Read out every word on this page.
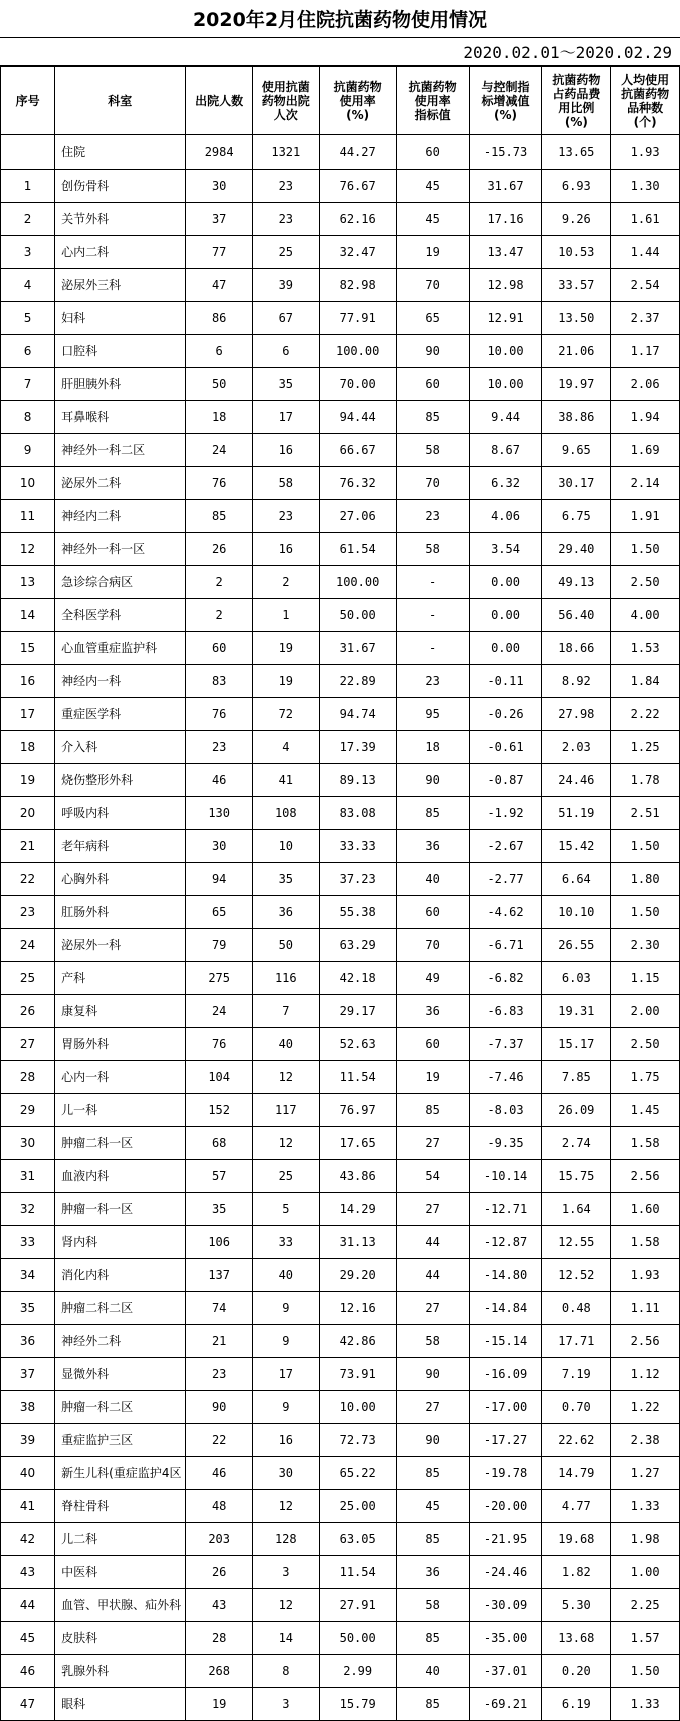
2020年2月住院抗菌药物使用情况
2020.02.01～2020.02.29
序号	科室	出院人数	使用抗菌
药物出院
人次	抗菌药物
使用率
(%)	抗菌药物
使用率
指标值	与控制指
标增减值
(%)	抗菌药物
占药品费
用比例
(%)	人均使用
抗菌药物
品种数
(个)

	住院	2984	1321	44.27	60	-15.73	13.65	1.93
1	创伤骨科	30	23	76.67	45	31.67	6.93	1.30
2	关节外科	37	23	62.16	45	17.16	9.26	1.61
3	心内二科	77	25	32.47	19	13.47	10.53	1.44
4	泌尿外三科	47	39	82.98	70	12.98	33.57	2.54
5	妇科	86	67	77.91	65	12.91	13.50	2.37
6	口腔科	6	6	100.00	90	10.00	21.06	1.17
7	肝胆胰外科	50	35	70.00	60	10.00	19.97	2.06
8	耳鼻喉科	18	17	94.44	85	9.44	38.86	1.94
9	神经外一科二区	24	16	66.67	58	8.67	9.65	1.69
10	泌尿外二科	76	58	76.32	70	6.32	30.17	2.14
11	神经内二科	85	23	27.06	23	4.06	6.75	1.91
12	神经外一科一区	26	16	61.54	58	3.54	29.40	1.50
13	急诊综合病区	2	2	100.00	-	0.00	49.13	2.50
14	全科医学科	2	1	50.00	-	0.00	56.40	4.00
15	心血管重症监护科	60	19	31.67	-	0.00	18.66	1.53
16	神经内一科	83	19	22.89	23	-0.11	8.92	1.84
17	重症医学科	76	72	94.74	95	-0.26	27.98	2.22
18	介入科	23	4	17.39	18	-0.61	2.03	1.25
19	烧伤整形外科	46	41	89.13	90	-0.87	24.46	1.78
20	呼吸内科	130	108	83.08	85	-1.92	51.19	2.51
21	老年病科	30	10	33.33	36	-2.67	15.42	1.50
22	心胸外科	94	35	37.23	40	-2.77	6.64	1.80
23	肛肠外科	65	36	55.38	60	-4.62	10.10	1.50
24	泌尿外一科	79	50	63.29	70	-6.71	26.55	2.30
25	产科	275	116	42.18	49	-6.82	6.03	1.15
26	康复科	24	7	29.17	36	-6.83	19.31	2.00
27	胃肠外科	76	40	52.63	60	-7.37	15.17	2.50
28	心内一科	104	12	11.54	19	-7.46	7.85	1.75
29	儿一科	152	117	76.97	85	-8.03	26.09	1.45
30	肿瘤二科一区	68	12	17.65	27	-9.35	2.74	1.58
31	血液内科	57	25	43.86	54	-10.14	15.75	2.56
32	肿瘤一科一区	35	5	14.29	27	-12.71	1.64	1.60
33	肾内科	106	33	31.13	44	-12.87	12.55	1.58
34	消化内科	137	40	29.20	44	-14.80	12.52	1.93
35	肿瘤二科二区	74	9	12.16	27	-14.84	0.48	1.11
36	神经外二科	21	9	42.86	58	-15.14	17.71	2.56
37	显微外科	23	17	73.91	90	-16.09	7.19	1.12
38	肿瘤一科二区	90	9	10.00	27	-17.00	0.70	1.22
39	重症监护三区	22	16	72.73	90	-17.27	22.62	2.38
40	新生儿科(重症监护4区	46	30	65.22	85	-19.78	14.79	1.27
41	脊柱骨科	48	12	25.00	45	-20.00	4.77	1.33
42	儿二科	203	128	63.05	85	-21.95	19.68	1.98
43	中医科	26	3	11.54	36	-24.46	1.82	1.00
44	血管、甲状腺、疝外科	43	12	27.91	58	-30.09	5.30	2.25
45	皮肤科	28	14	50.00	85	-35.00	13.68	1.57
46	乳腺外科	268	8	2.99	40	-37.01	0.20	1.50
47	眼科	19	3	15.79	85	-69.21	6.19	1.33
